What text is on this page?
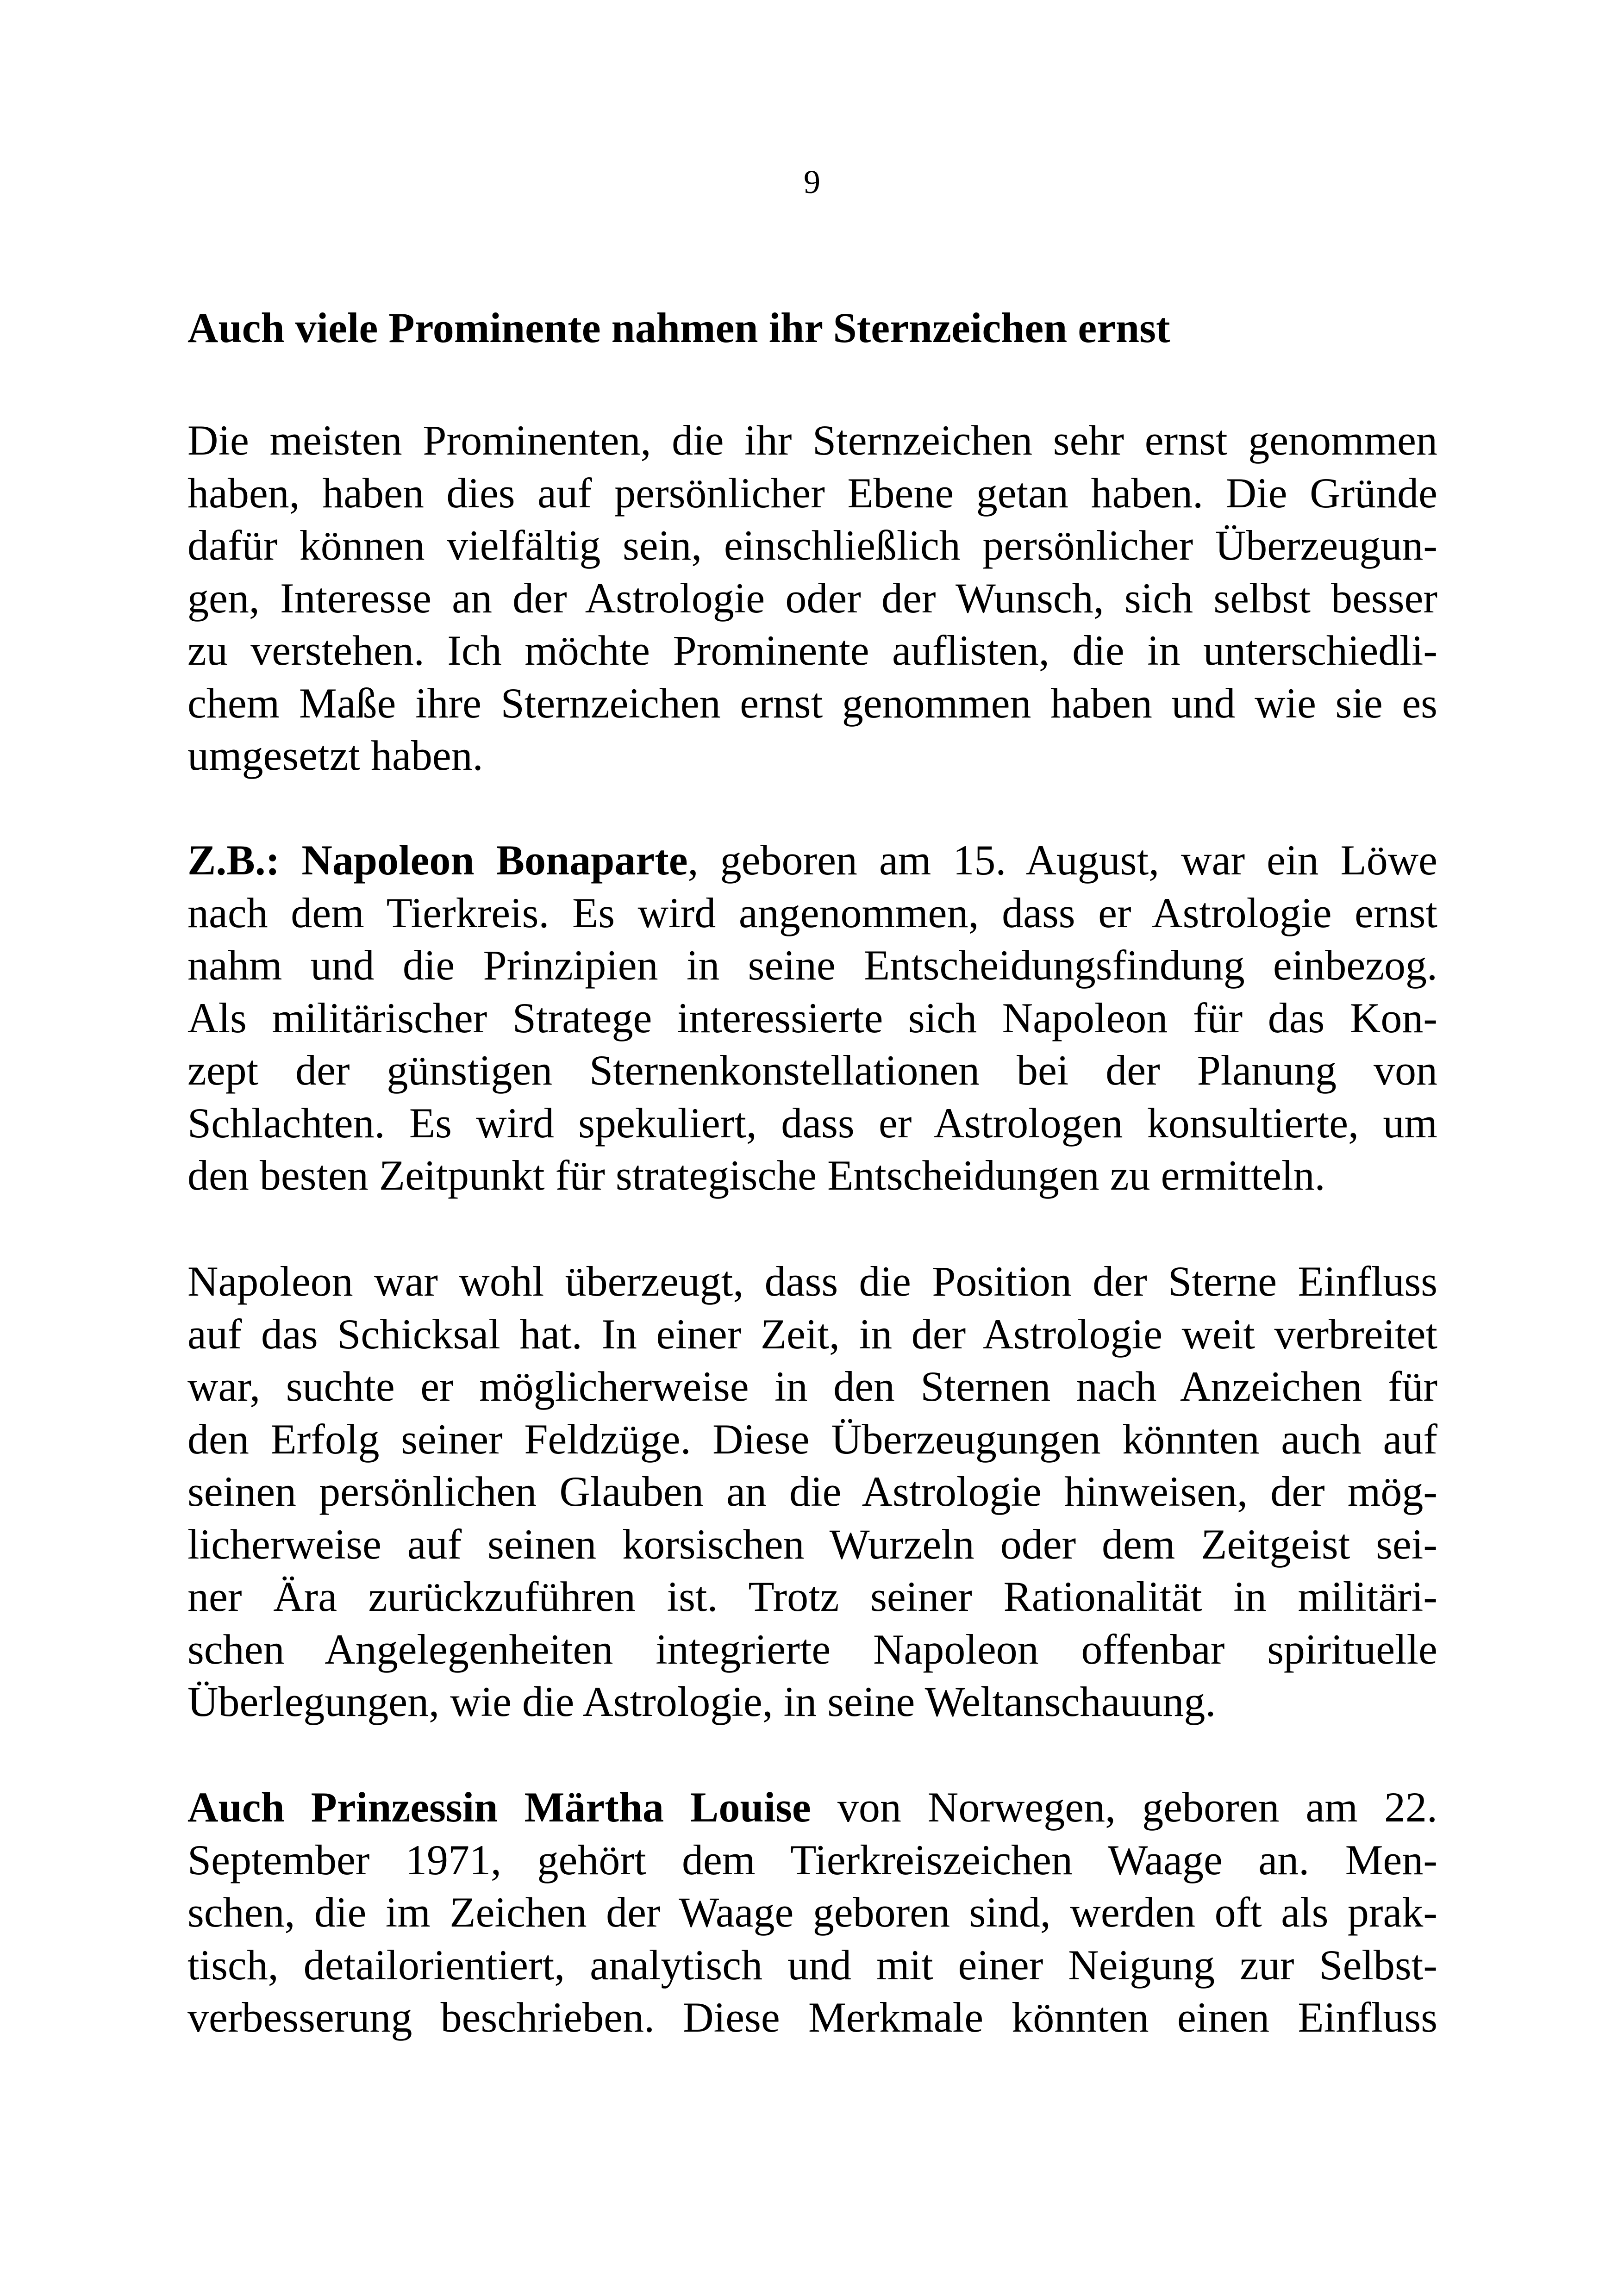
9
Auch viele Prominente nahmen ihr Sternzeichen ernst
Die meisten Prominenten, die ihr Sternzeichen sehr ernst genommen
haben, haben dies auf persönlicher Ebene getan haben. Die Gründe
dafür können vielfältig sein, einschließlich persönlicher Überzeugun-
gen, Interesse an der Astrologie oder der Wunsch, sich selbst besser
zu verstehen. Ich möchte Prominente auflisten, die in unterschiedli-
chem Maße ihre Sternzeichen ernst genommen haben und wie sie es
umgesetzt haben.
Z.B.: Napoleon Bonaparte, geboren am 15. August, war ein Löwe
nach dem Tierkreis. Es wird angenommen, dass er Astrologie ernst
nahm und die Prinzipien in seine Entscheidungsfindung einbezog.
Als militärischer Stratege interessierte sich Napoleon für das Kon-
zept der günstigen Sternenkonstellationen bei der Planung von
Schlachten. Es wird spekuliert, dass er Astrologen konsultierte, um
den besten Zeitpunkt für strategische Entscheidungen zu ermitteln.
Napoleon war wohl überzeugt, dass die Position der Sterne Einfluss
auf das Schicksal hat. In einer Zeit, in der Astrologie weit verbreitet
war, suchte er möglicherweise in den Sternen nach Anzeichen für
den Erfolg seiner Feldzüge. Diese Überzeugungen könnten auch auf
seinen persönlichen Glauben an die Astrologie hinweisen, der mög-
licherweise auf seinen korsischen Wurzeln oder dem Zeitgeist sei-
ner Ära zurückzuführen ist. Trotz seiner Rationalität in militäri-
schen Angelegenheiten integrierte Napoleon offenbar spirituelle
Überlegungen, wie die Astrologie, in seine Weltanschauung.
Auch Prinzessin Märtha Louise von Norwegen, geboren am 22.
September 1971, gehört dem Tierkreiszeichen Waage an. Men-
schen, die im Zeichen der Waage geboren sind, werden oft als prak-
tisch, detailorientiert, analytisch und mit einer Neigung zur Selbst-
verbesserung beschrieben. Diese Merkmale könnten einen Einfluss
